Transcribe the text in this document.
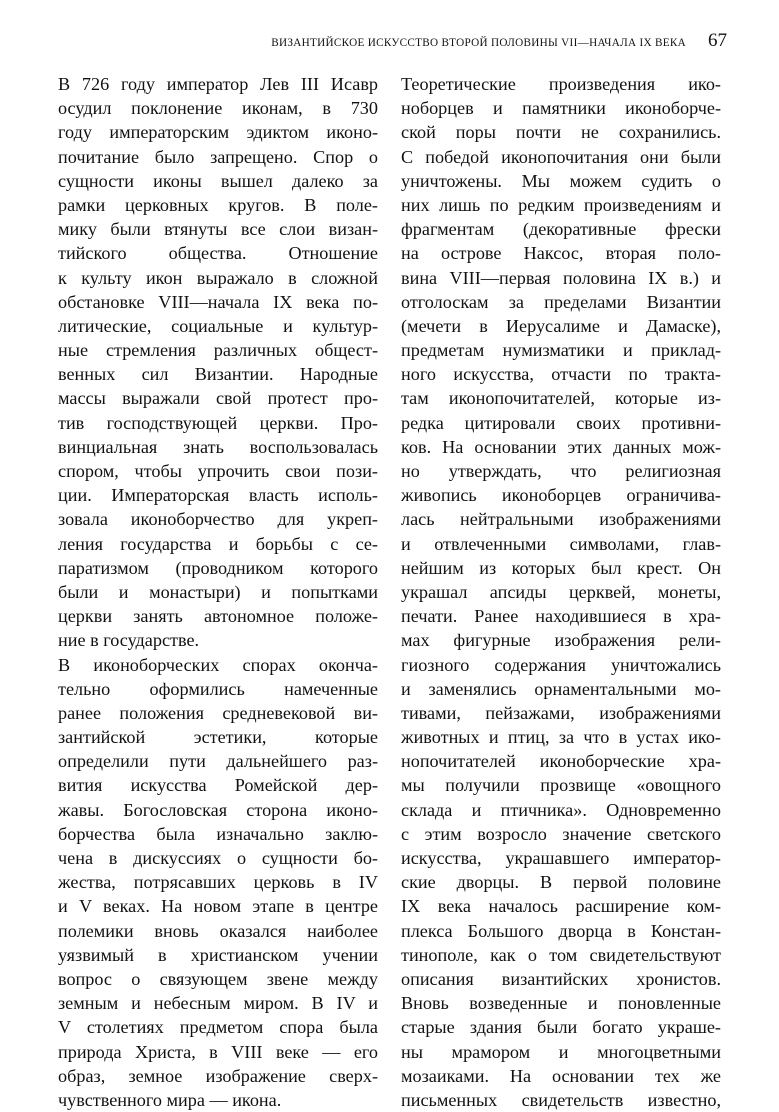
ВИЗАНТИЙСКОЕ ИСКУССТВО ВТОРОЙ ПОЛОВИНЫ VII—НАЧАЛА IX ВЕКА 67
В 726 году император Лев III Исавр
осудил поклонение иконам, в 730
году императорским эдиктом иконо-
почитание было запрещено. Спор о
сущности иконы вышел далеко за
рамки церковных кругов. В поле-
мику были втянуты все слои визан-
тийского общества. Отношение
к культу икон выражало в сложной
обстановке VIII—начала IX века по-
литические, социальные и культур-
ные стремления различных общест-
венных сил Византии. Народные
массы выражали свой протест про-
тив господствующей церкви. Про-
винциальная знать воспользовалась
спором, чтобы упрочить свои пози-
ции. Императорская власть исполь-
зовала иконоборчество для укреп-
ления государства и борьбы с се-
паратизмом (проводником которого
были и монастыри) и попытками
церкви занять автономное положе-
ние в государстве.
В иконоборческих спорах оконча-
тельно оформились намеченные
ранее положения средневековой ви-
зантийской эстетики, которые
определили пути дальнейшего раз-
вития искусства Ромейской дер-
жавы. Богословская сторона иконо-
борчества была изначально заклю-
чена в дискуссиях о сущности бо-
жества, потрясавших церковь в IV
и V веках. На новом этапе в центре
полемики вновь оказался наиболее
уязвимый в христианском учении
вопрос о связующем звене между
земным и небесным миром. В IV и
V столетиях предметом спора была
природа Христа, в VIII веке — его
образ, земное изображение сверх-
чувственного мира — икона.
Теоретические произведения ико-
ноборцев и памятники иконоборче-
ской поры почти не сохранились.
С победой иконопочитания они были
уничтожены. Мы можем судить о
них лишь по редким произведениям и
фрагментам (декоративные фрески
на острове Наксос, вторая поло-
вина VIII—первая половина IX в.) и
отголоскам за пределами Византии
(мечети в Иерусалиме и Дамаске),
предметам нумизматики и приклад-
ного искусства, отчасти по тракта-
там иконопочитателей, которые из-
редка цитировали своих противни-
ков. На основании этих данных мож-
но утверждать, что религиозная
живопись иконоборцев ограничива-
лась нейтральными изображениями
и отвлеченными символами, глав-
нейшим из которых был крест. Он
украшал апсиды церквей, монеты,
печати. Ранее находившиеся в хра-
мах фигурные изображения рели-
гиозного содержания уничтожались
и заменялись орнаментальными мо-
тивами, пейзажами, изображениями
животных и птиц, за что в устах ико-
нопочитателей иконоборческие хра-
мы получили прозвище «овощного
склада и птичника». Одновременно
с этим возросло значение светского
искусства, украшавшего император-
ские дворцы. В первой половине
IX века началось расширение ком-
плекса Большого дворца в Констан-
тинополе, как о том свидетельствуют
описания византийских хронистов.
Вновь возведенные и поновленные
старые здания были богато украше-
ны мрамором и многоцветными
мозаиками. На основании тех же
письменных свидетельств известно,
